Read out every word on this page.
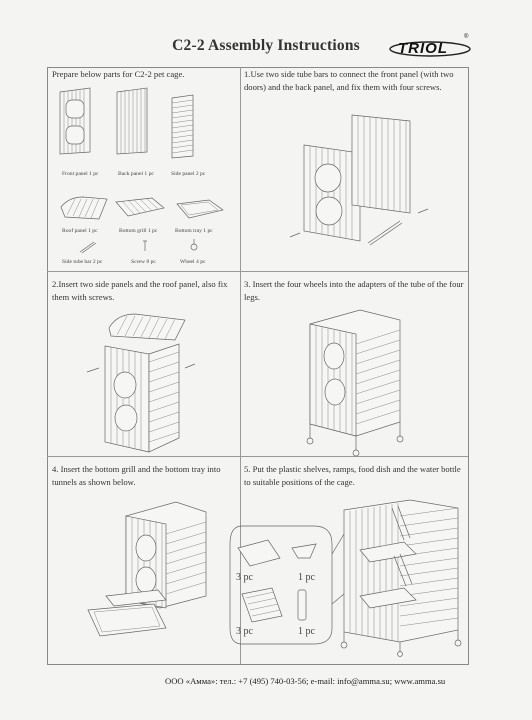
C2-2 Assembly Instructions	TRIOL
®
Prepare below parts for C2-2 pet cage.
Front panel 1 pc	Back panel 1 pc	Side panel 2 pc
Roof panel 1 pc	Bottom grill 1 pc	Bottom tray 1 pc
Side tube bar 2 pc	Screw 8 pc	Wheel 4 pc
1.Use two side tube bars to connect the front panel (with two doors) and the back panel, and fix them with four screws.
2.Insert two side panels and the roof panel, also fix them with screws.
3. Insert the four wheels into the adapters of the tube of the four legs.
4. Insert the bottom grill and the bottom tray into tunnels as shown below.
5. Put the plastic shelves, ramps, food dish and the water bottle to suitable positions of the cage.
3 pc	1 pc
3 pc	1 pc
ООО «Амма»: тел.: +7 (495) 740-03-56; e-mail: info@amma.su; www.amma.su
